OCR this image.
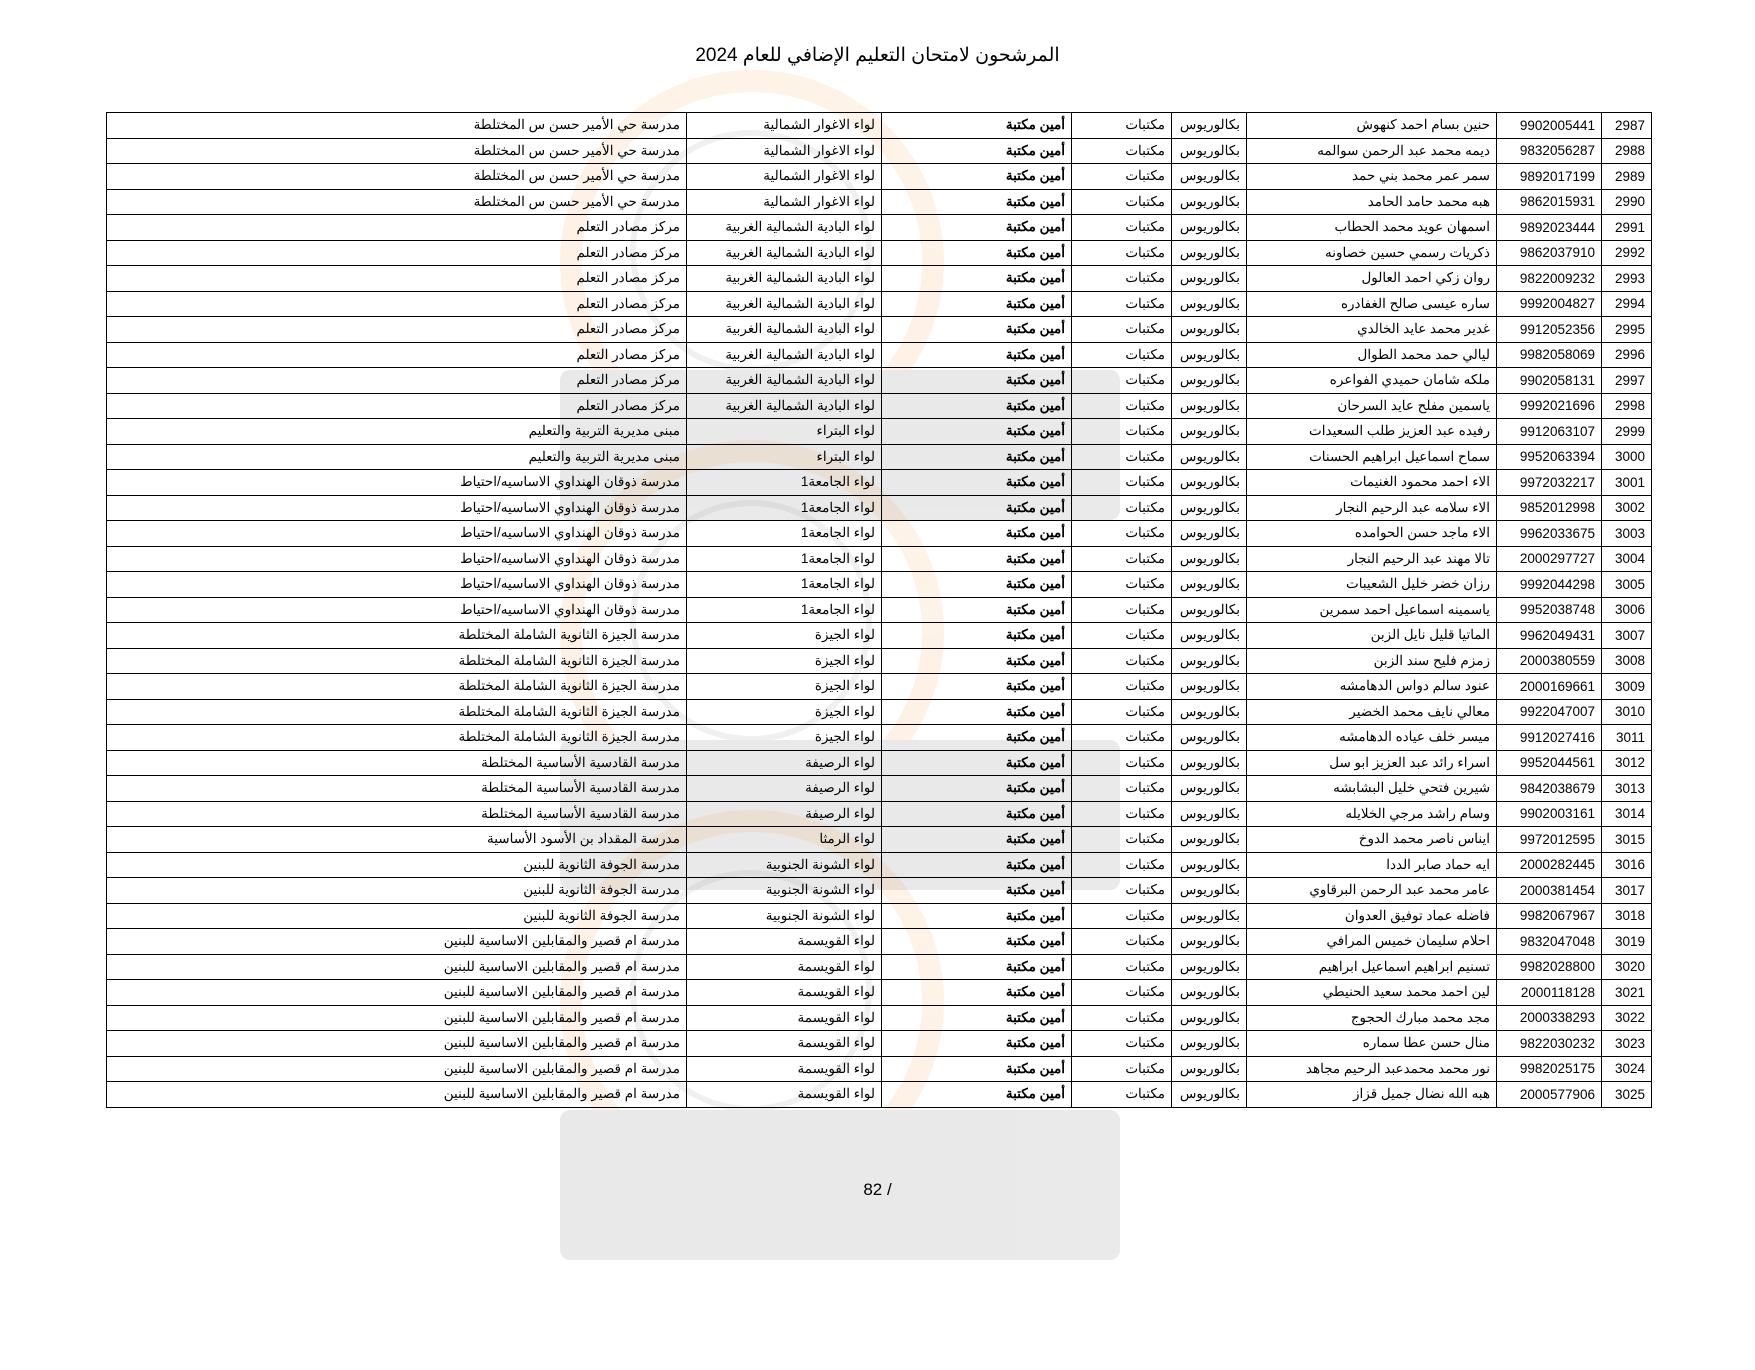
المرشحون لامتحان التعليم الإضافي للعام 2024
2987	9902005441	حنين بسام احمد كنهوش	بكالوريوس	مكتبات	أمين مكتبة	لواء الاغوار الشمالية	مدرسة حي الأمير حسن س المختلطة
2988	9832056287	ديمه محمد عبد الرحمن سوالمه	بكالوريوس	مكتبات	أمين مكتبة	لواء الاغوار الشمالية	مدرسة حي الأمير حسن س المختلطة
2989	9892017199	سمر عمر محمد بني حمد	بكالوريوس	مكتبات	أمين مكتبة	لواء الاغوار الشمالية	مدرسة حي الأمير حسن س المختلطة
2990	9862015931	هبه محمد حامد الحامد	بكالوريوس	مكتبات	أمين مكتبة	لواء الاغوار الشمالية	مدرسة حي الأمير حسن س المختلطة
2991	9892023444	اسمهان عويد محمد الحطاب	بكالوريوس	مكتبات	أمين مكتبة	لواء البادية الشمالية الغربية	مركز مصادر التعلم
2992	9862037910	ذكريات رسمي حسين خصاونه	بكالوريوس	مكتبات	أمين مكتبة	لواء البادية الشمالية الغربية	مركز مصادر التعلم
2993	9822009232	روان زكي احمد العالول	بكالوريوس	مكتبات	أمين مكتبة	لواء البادية الشمالية الغربية	مركز مصادر التعلم
2994	9992004827	ساره عيسى صالح الغفادره	بكالوريوس	مكتبات	أمين مكتبة	لواء البادية الشمالية الغربية	مركز مصادر التعلم
2995	9912052356	غدير محمد عايد الخالدي	بكالوريوس	مكتبات	أمين مكتبة	لواء البادية الشمالية الغربية	مركز مصادر التعلم
2996	9982058069	ليالي حمد محمد الطوال	بكالوريوس	مكتبات	أمين مكتبة	لواء البادية الشمالية الغربية	مركز مصادر التعلم
2997	9902058131	ملكه شامان حميدي الفواعره	بكالوريوس	مكتبات	أمين مكتبة	لواء البادية الشمالية الغربية	مركز مصادر التعلم
2998	9992021696	ياسمين مفلح عايد السرحان	بكالوريوس	مكتبات	أمين مكتبة	لواء البادية الشمالية الغربية	مركز مصادر التعلم
2999	9912063107	رفيده عبد العزيز طلب السعيدات	بكالوريوس	مكتبات	أمين مكتبة	لواء البتراء	مبنى مديرية التربية والتعليم
3000	9952063394	سماح اسماعيل ابراهيم الحسنات	بكالوريوس	مكتبات	أمين مكتبة	لواء البتراء	مبنى مديرية التربية والتعليم
3001	9972032217	الاء احمد محمود الغنيمات	بكالوريوس	مكتبات	أمين مكتبة	لواء الجامعة1	مدرسة ذوقان الهنداوي الاساسيه/احتياط
3002	9852012998	الاء سلامه عبد الرحيم النجار	بكالوريوس	مكتبات	أمين مكتبة	لواء الجامعة1	مدرسة ذوقان الهنداوي الاساسيه/احتياط
3003	9962033675	الاء ماجد حسن الحوامده	بكالوريوس	مكتبات	أمين مكتبة	لواء الجامعة1	مدرسة ذوقان الهنداوي الاساسيه/احتياط
3004	2000297727	تالا مهند عبد الرحيم النجار	بكالوريوس	مكتبات	أمين مكتبة	لواء الجامعة1	مدرسة ذوقان الهنداوي الاساسيه/احتياط
3005	9992044298	رزان خضر خليل الشعيبات	بكالوريوس	مكتبات	أمين مكتبة	لواء الجامعة1	مدرسة ذوقان الهنداوي الاساسيه/احتياط
3006	9952038748	ياسمينه اسماعيل احمد سمرين	بكالوريوس	مكتبات	أمين مكتبة	لواء الجامعة1	مدرسة ذوقان الهنداوي الاساسيه/احتياط
3007	9962049431	الماتيا قليل نايل الزبن	بكالوريوس	مكتبات	أمين مكتبة	لواء الجيزة	مدرسة الجيزة الثانوية الشاملة المختلطة
3008	2000380559	زمزم فليح سند الزبن	بكالوريوس	مكتبات	أمين مكتبة	لواء الجيزة	مدرسة الجيزة الثانوية الشاملة المختلطة
3009	2000169661	عنود سالم دواس الدهامشه	بكالوريوس	مكتبات	أمين مكتبة	لواء الجيزة	مدرسة الجيزة الثانوية الشاملة المختلطة
3010	9922047007	معالي نايف محمد الخضير	بكالوريوس	مكتبات	أمين مكتبة	لواء الجيزة	مدرسة الجيزة الثانوية الشاملة المختلطة
3011	9912027416	ميسر خلف عياده الدهامشه	بكالوريوس	مكتبات	أمين مكتبة	لواء الجيزة	مدرسة الجيزة الثانوية الشاملة المختلطة
3012	9952044561	اسراء رائد عبد العزيز ابو سل	بكالوريوس	مكتبات	أمين مكتبة	لواء الرصيفة	مدرسة القادسية الأساسية المختلطة
3013	9842038679	شيرين فتحي خليل البشابشه	بكالوريوس	مكتبات	أمين مكتبة	لواء الرصيفة	مدرسة القادسية الأساسية المختلطة
3014	9902003161	وسام راشد مرجي الخلايله	بكالوريوس	مكتبات	أمين مكتبة	لواء الرصيفة	مدرسة القادسية الأساسية المختلطة
3015	9972012595	ايناس ناصر محمد الدوخ	بكالوريوس	مكتبات	أمين مكتبة	لواء الرمثا	مدرسة المقداد بن الأسود الأساسية
3016	2000282445	ايه حماد صابر الددا	بكالوريوس	مكتبات	أمين مكتبة	لواء الشونة الجنوبية	مدرسة الجوفة الثانوية للبنين
3017	2000381454	عامر محمد عبد الرحمن البرقاوي	بكالوريوس	مكتبات	أمين مكتبة	لواء الشونة الجنوبية	مدرسة الجوفة الثانوية للبنين
3018	9982067967	فاضله عماد توفيق العدوان	بكالوريوس	مكتبات	أمين مكتبة	لواء الشونة الجنوبية	مدرسة الجوفة الثانوية للبنين
3019	9832047048	احلام سليمان خميس المرافي	بكالوريوس	مكتبات	أمين مكتبة	لواء القويسمة	مدرسة ام قصير والمقابلين الاساسية للبنين
3020	9982028800	تسنيم ابراهيم اسماعيل ابراهيم	بكالوريوس	مكتبات	أمين مكتبة	لواء القويسمة	مدرسة ام قصير والمقابلين الاساسية للبنين
3021	2000118128	لين احمد محمد سعيد الحنيطي	بكالوريوس	مكتبات	أمين مكتبة	لواء القويسمة	مدرسة ام قصير والمقابلين الاساسية للبنين
3022	2000338293	مجد محمد مبارك الحجوج	بكالوريوس	مكتبات	أمين مكتبة	لواء القويسمة	مدرسة ام قصير والمقابلين الاساسية للبنين
3023	9822030232	منال حسن عطا سماره	بكالوريوس	مكتبات	أمين مكتبة	لواء القويسمة	مدرسة ام قصير والمقابلين الاساسية للبنين
3024	9982025175	نور محمد محمدعبد الرحيم مجاهد	بكالوريوس	مكتبات	أمين مكتبة	لواء القويسمة	مدرسة ام قصير والمقابلين الاساسية للبنين
3025	2000577906	هبه الله نضال جميل قزاز	بكالوريوس	مكتبات	أمين مكتبة	لواء القويسمة	مدرسة ام قصير والمقابلين الاساسية للبنين
82 /
